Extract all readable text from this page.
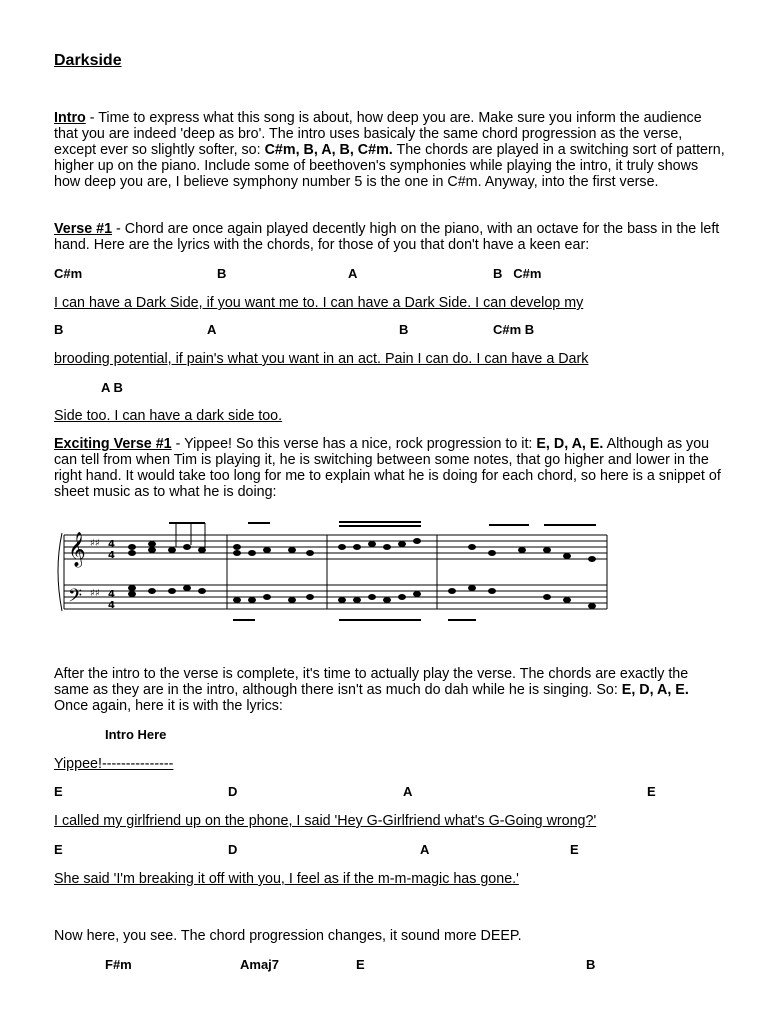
Darkside
Intro - Time to express what this song is about, how deep you are. Make sure you inform the audience that you are indeed 'deep as bro'. The intro uses basicaly the same chord progression as the verse, except ever so slightly softer, so: C#m, B, A, B, C#m. The chords are played in a switching sort of pattern, higher up on the piano. Include some of beethoven's symphonies while playing the intro, it truly shows how deep you are, I believe symphony number 5 is the one in C#m. Anyway, into the first verse.
Verse #1 - Chord are once again played decently high on the piano, with an octave for the bass in the left hand. Here are the lyrics with the chords, for those of you that don't have a keen ear:
C#m	B	A	B   C#m
I can have a Dark Side, if you want me to. I can have a Dark Side. I can develop my
B	A	B	C#m B
brooding potential, if pain's what you want in an act. Pain I can do. I can have a Dark
A B
Side too. I can have a dark side too.
Exciting Verse #1 - Yippee! So this verse has a nice, rock progression to it: E, D, A, E. Although as you can tell from when Tim is playing it, he is switching between some notes, that go higher and lower in the right hand. It would take too long for me to explain what he is doing for each chord, so here is a snippet of sheet music as to what he is doing:
𝄞
𝄢
♯♯
♯♯
4
4
4
4
After the intro to the verse is complete, it's time to actually play the verse. The chords are exactly the same as they are in the intro, although there isn't as much do dah while he is singing. So: E, D, A, E. Once again, here it is with the lyrics:
Intro Here
Yippee!---------------
E	D	A	E
I called my girlfriend up on the phone, I said 'Hey G-Girlfriend what's G-Going wrong?'
E	D	A	E
She said 'I'm breaking it off with you, I feel as if the m-m-magic has gone.'
Now here, you see. The chord progression changes, it sound more DEEP.
F#m	Amaj7	E	B
